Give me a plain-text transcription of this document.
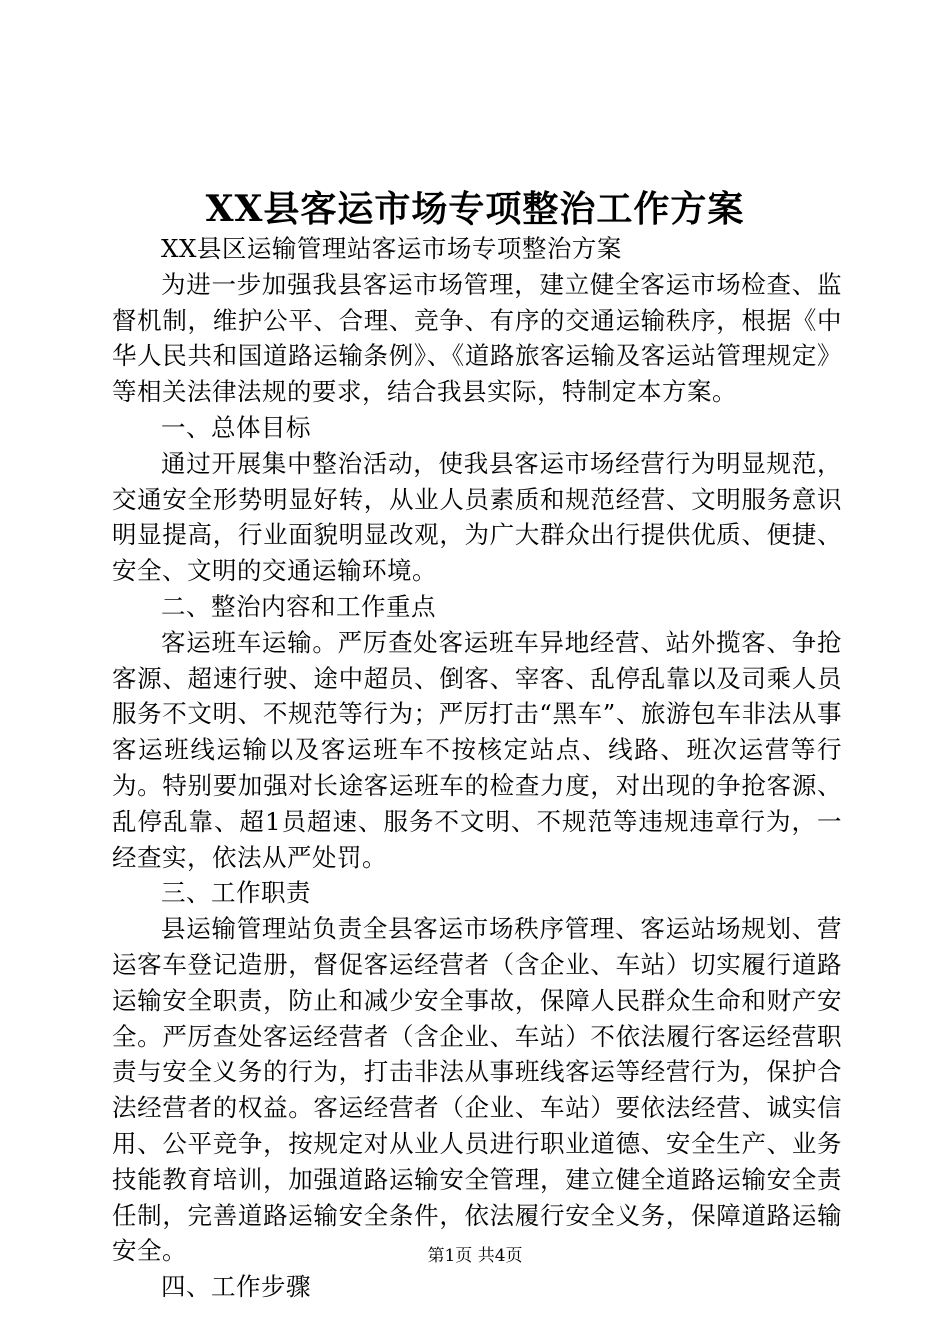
XX县客运市场专项整治工作方案

XX县区运输管理站客运市场专项整治方案

为进一步加强我县客运市场管理，建立健全客运市场检查、监督机制，维护公平、合理、竞争、有序的交通运输秩序，根据《中华人民共和国道路运输条例》、《道路旅客运输及客运站管理规定》等相关法律法规的要求，结合我县实际，特制定本方案。

一、总体目标

通过开展集中整治活动，使我县客运市场经营行为明显规范，交通安全形势明显好转，从业人员素质和规范经营、文明服务意识明显提高，行业面貌明显改观，为广大群众出行提供优质、便捷、安全、文明的交通运输环境。

二、整治内容和工作重点

客运班车运输。严厉查处客运班车异地经营、站外揽客、争抢客源、超速行驶、途中超员、倒客、宰客、乱停乱靠以及司乘人员服务不文明、不规范等行为；严厉打击“黑车”、旅游包车非法从事客运班线运输以及客运班车不按核定站点、线路、班次运营等行为。特别要加强对长途客运班车的检查力度，对出现的争抢客源、乱停乱靠、超1员超速、服务不文明、不规范等违规违章行为，一经查实，依法从严处罚。

三、工作职责

县运输管理站负责全县客运市场秩序管理、客运站场规划、营运客车登记造册，督促客运经营者（含企业、车站）切实履行道路运输安全职责，防止和减少安全事故，保障人民群众生命和财产安全。严厉查处客运经营者（含企业、车站）不依法履行客运经营职责与安全义务的行为，打击非法从事班线客运等经营行为，保护合法经营者的权益。客运经营者（企业、车站）要依法经营、诚实信用、公平竞争，按规定对从业人员进行职业道德、安全生产、业务技能教育培训，加强道路运输安全管理，建立健全道路运输安全责任制，完善道路运输安全条件，依法履行安全义务，保障道路运输安全。

四、工作步骤

第1页 共4页
